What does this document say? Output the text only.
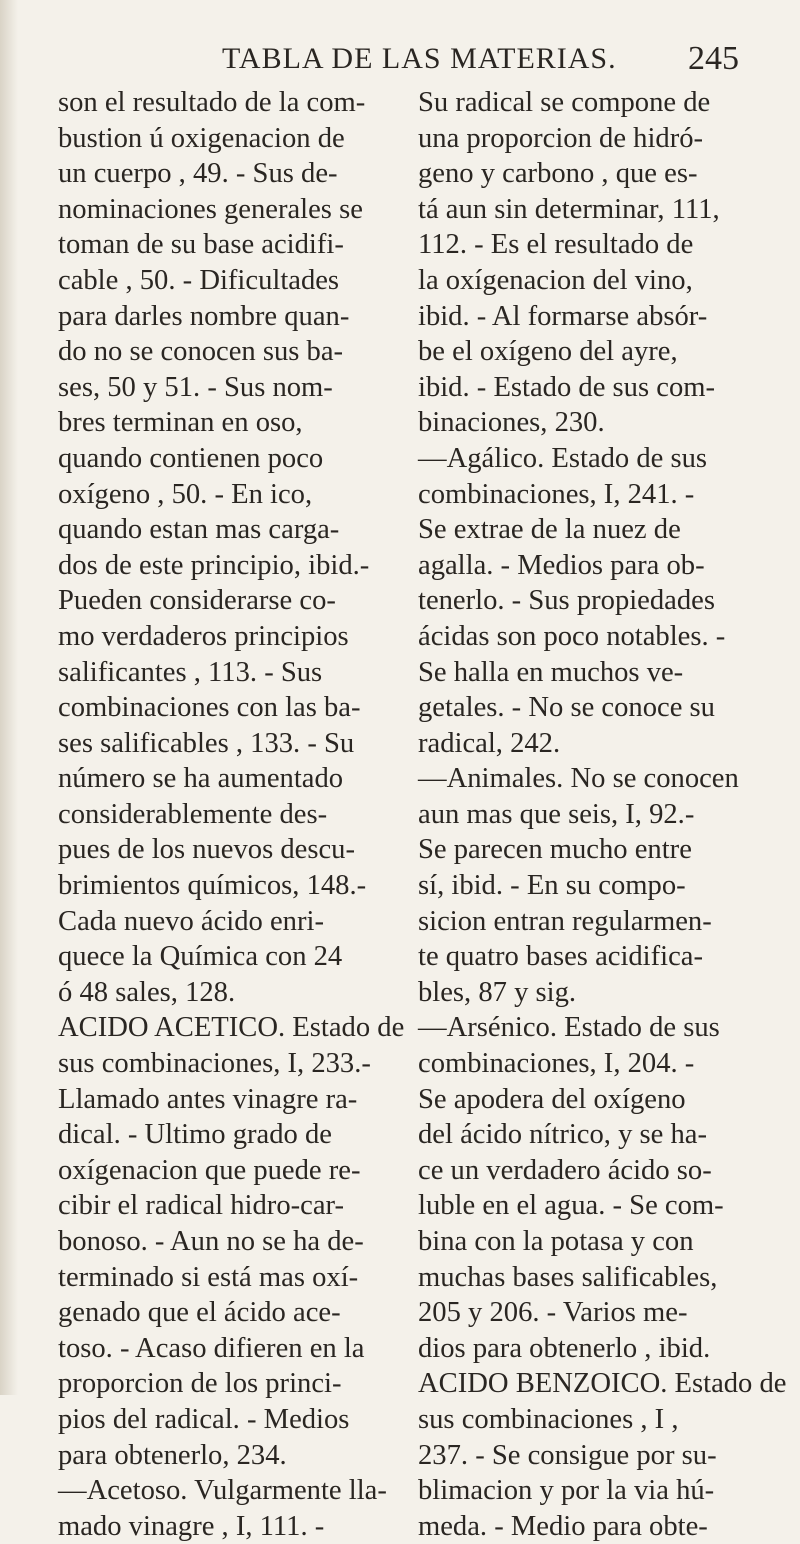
TABLA DE LAS MATERIAS. 245
son el resultado de la com-
bustion ú oxigenacion de
un cuerpo , 49. - Sus de-
nominaciones generales se
toman de su base acidifi-
cable , 50. - Dificultades
para darles nombre quan-
do no se conocen sus ba-
ses, 50 y 51. - Sus nom-
bres terminan en oso,
quando contienen poco
oxígeno , 50. - En ico,
quando estan mas carga-
dos de este principio, ibid.-
Pueden considerarse co-
mo verdaderos principios
salificantes , 113. - Sus
combinaciones con las ba-
ses salificables , 133. - Su
número se ha aumentado
considerablemente des-
pues de los nuevos descu-
brimientos químicos, 148.-
Cada nuevo ácido enri-
quece la Química con 24
ó 48 sales, 128.
ACIDO ACETICO. Estado de
sus combinaciones, I, 233.-
Llamado antes vinagre ra-
dical. - Ultimo grado de
oxígenacion que puede re-
cibir el radical hidro-car-
bonoso. - Aun no se ha de-
terminado si está mas oxí-
genado que el ácido ace-
toso. - Acaso difieren en la
proporcion de los princi-
pios del radical. - Medios
para obtenerlo, 234.
—Acetoso. Vulgarmente lla-
mado vinagre , I, 111. -
Su radical se compone de
una proporcion de hidró-
geno y carbono , que es-
tá aun sin determinar, 111,
112. - Es el resultado de
la oxígenacion del vino,
ibid. - Al formarse absór-
be el oxígeno del ayre,
ibid. - Estado de sus com-
binaciones, 230.
—Agálico. Estado de sus
combinaciones, I, 241. -
Se extrae de la nuez de
agalla. - Medios para ob-
tenerlo. - Sus propiedades
ácidas son poco notables. -
Se halla en muchos ve-
getales. - No se conoce su
radical, 242.
—Animales. No se conocen
aun mas que seis, I, 92.-
Se parecen mucho entre
sí, ibid. - En su compo-
sicion entran regularmen-
te quatro bases acidifica-
bles, 87 y sig.
—Arsénico. Estado de sus
combinaciones, I, 204. -
Se apodera del oxígeno
del ácido nítrico, y se ha-
ce un verdadero ácido so-
luble en el agua. - Se com-
bina con la potasa y con
muchas bases salificables,
205 y 206. - Varios me-
dios para obtenerlo , ibid.
ACIDO BENZOICO. Estado de
sus combinaciones , I ,
237. - Se consigue por su-
blimacion y por la via hú-
meda. - Medio para obte-
